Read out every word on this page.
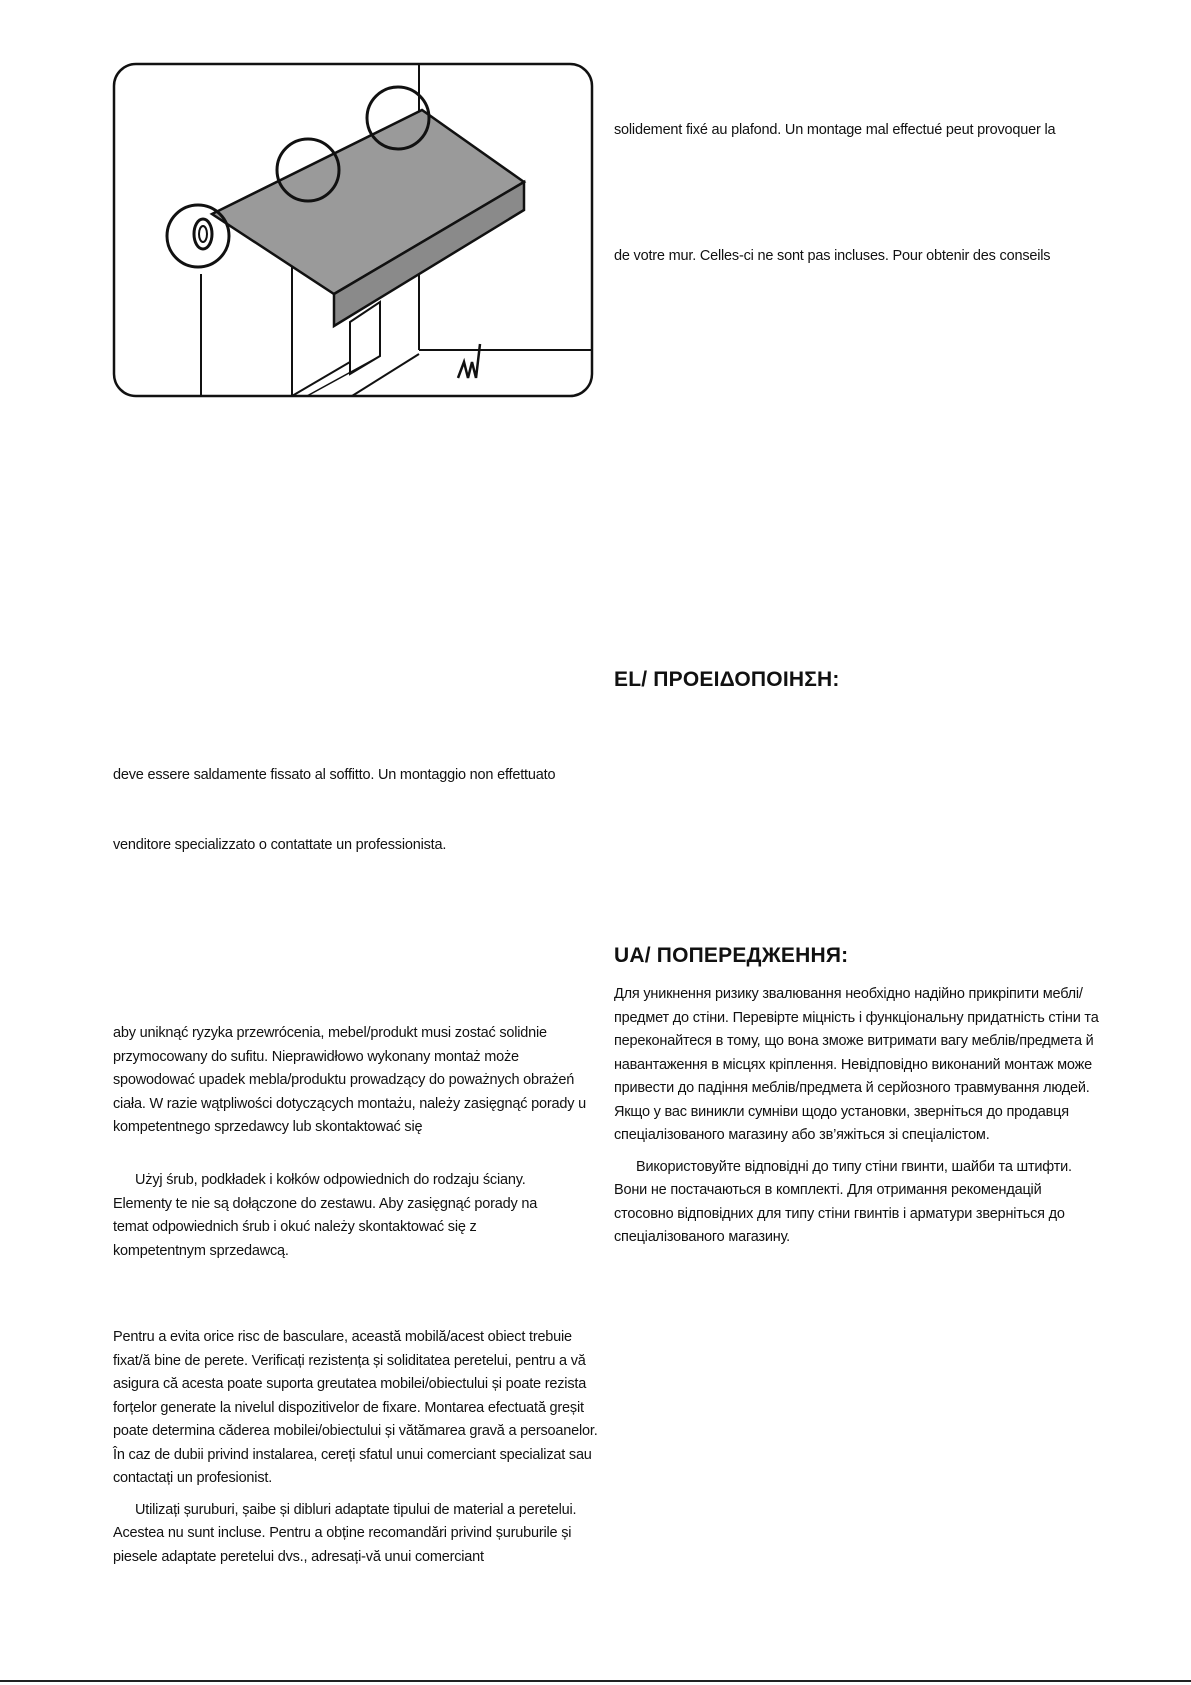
solidement fixé au plafond. Un montage mal effectué peut provoquer la

de votre mur. Celles-ci ne sont pas incluses. Pour obtenir des conseils

EL/ ΠΡΟΕΙΔΟΠΟΙΗΣΗ:

deve essere saldamente fissato al soffitto. Un montaggio non effettuato

venditore specializzato o contattate un professionista.

aby uniknąć ryzyka przewrócenia, mebel/produkt musi zostać solidnie przymocowany do sufitu. Nieprawidłowo wykonany montaż może spowodować upadek mebla/produktu prowadzący do poważnych obrażeń ciała. W razie wątpliwości dotyczących montażu, należy zasięgnąć porady u kompetentnego sprzedawcy lub skontaktować się

Użyj śrub, podkładek i kołków odpowiednich do rodzaju ściany. Elementy te nie są dołączone do zestawu. Aby zasięgnąć porady na temat odpowiednich śrub i okuć należy skontaktować się z kompetentnym sprzedawcą.

Pentru a evita orice risc de basculare, această mobilă/acest obiect trebuie fixat/ă bine de perete. Verificați rezistența și soliditatea peretelui, pentru a vă asigura că acesta poate suporta greutatea mobilei/obiectului și poate rezista forțelor generate la nivelul dispozitivelor de fixare. Montarea efectuată greșit poate determina căderea mobilei/obiectului și vătămarea gravă a persoanelor. În caz de dubii privind instalarea, cereți sfatul unui comerciant specializat sau contactați un profesionist.

Utilizați șuruburi, șaibe și dibluri adaptate tipului de material a peretelui. Acestea nu sunt incluse. Pentru a obține recomandări privind șuruburile și piesele adaptate peretelui dvs., adresați-vă unui comerciant

UA/ ПОПЕРЕДЖЕННЯ:

Для уникнення ризику звалювання необхідно надійно прикріпити меблі/предмет до стіни. Перевірте міцність і функціональну придатність стіни та переконайтеся в тому, що вона зможе витримати вагу меблів/предмета й навантаження в місцях кріплення. Невідповідно виконаний монтаж може привести до падіння меблів/предмета й серйозного травмування людей. Якщо у вас виникли сумніви щодо установки, зверніться до продавця спеціалізованого магазину або зв’яжіться зі спеціалістом.

Використовуйте відповідні до типу стіни гвинти, шайби та штифти. Вони не постачаються в комплекті. Для отримання рекомендацій стосовно відповідних для типу стіни гвинтів і арматури зверніться до спеціалізованого магазину.
